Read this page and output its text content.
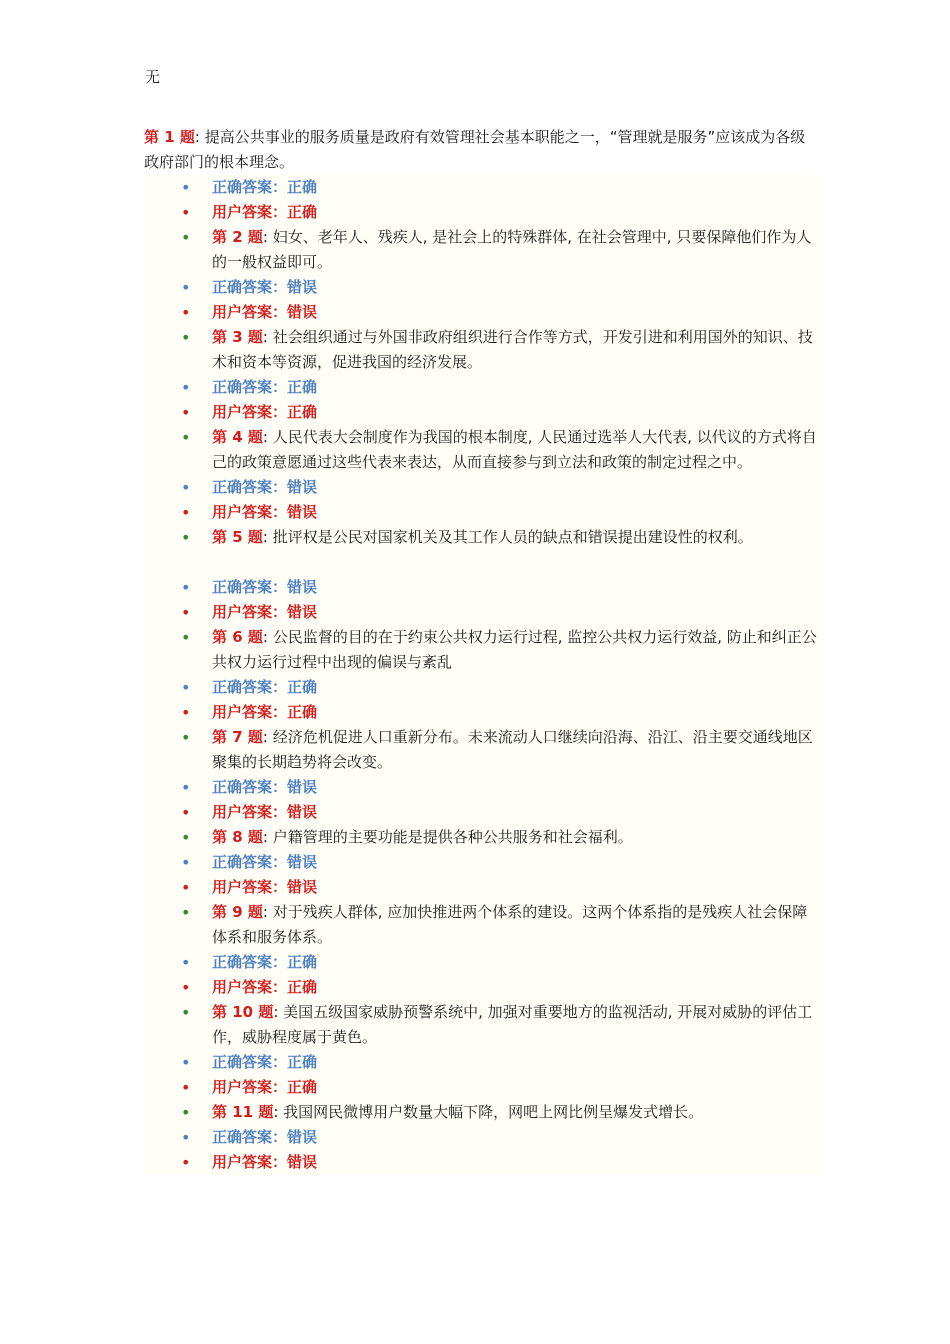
无
第 1 题: 提高公共事业的服务质量是政府有效管理社会基本职能之一，“管理就是服务”应该成为各级政府部门的根本理念。
• 正确答案：正确
• 用户答案：正确
• 第 2 题: 妇女、老年人、残疾人, 是社会上的特殊群体, 在社会管理中, 只要保障他们作为人的一般权益即可。
• 正确答案：错误
• 用户答案：错误
• 第 3 题: 社会组织通过与外国非政府组织进行合作等方式，开发引进和利用国外的知识、技术和资本等资源，促进我国的经济发展。
• 正确答案：正确
• 用户答案：正确
• 第 4 题: 人民代表大会制度作为我国的根本制度, 人民通过选举人大代表, 以代议的方式将自己的政策意愿通过这些代表来表达，从而直接参与到立法和政策的制定过程之中。
• 正确答案：错误
• 用户答案：错误
• 第 5 题: 批评权是公民对国家机关及其工作人员的缺点和错误提出建设性的权利。
• 正确答案：错误
• 用户答案：错误
• 第 6 题: 公民监督的目的在于约束公共权力运行过程, 监控公共权力运行效益, 防止和纠正公共权力运行过程中出现的偏误与紊乱
• 正确答案：正确
• 用户答案：正确
• 第 7 题: 经济危机促进人口重新分布。未来流动人口继续向沿海、沿江、沿主要交通线地区聚集的长期趋势将会改变。
• 正确答案：错误
• 用户答案：错误
• 第 8 题: 户籍管理的主要功能是提供各种公共服务和社会福利。
• 正确答案：错误
• 用户答案：错误
• 第 9 题: 对于残疾人群体, 应加快推进两个体系的建设。这两个体系指的是残疾人社会保障体系和服务体系。
• 正确答案：正确
• 用户答案：正确
• 第 10 题: 美国五级国家威胁预警系统中, 加强对重要地方的监视活动, 开展对威胁的评估工作，威胁程度属于黄色。
• 正确答案：正确
• 用户答案：正确
• 第 11 题: 我国网民微博用户数量大幅下降，网吧上网比例呈爆发式增长。
• 正确答案：错误
• 用户答案：错误
